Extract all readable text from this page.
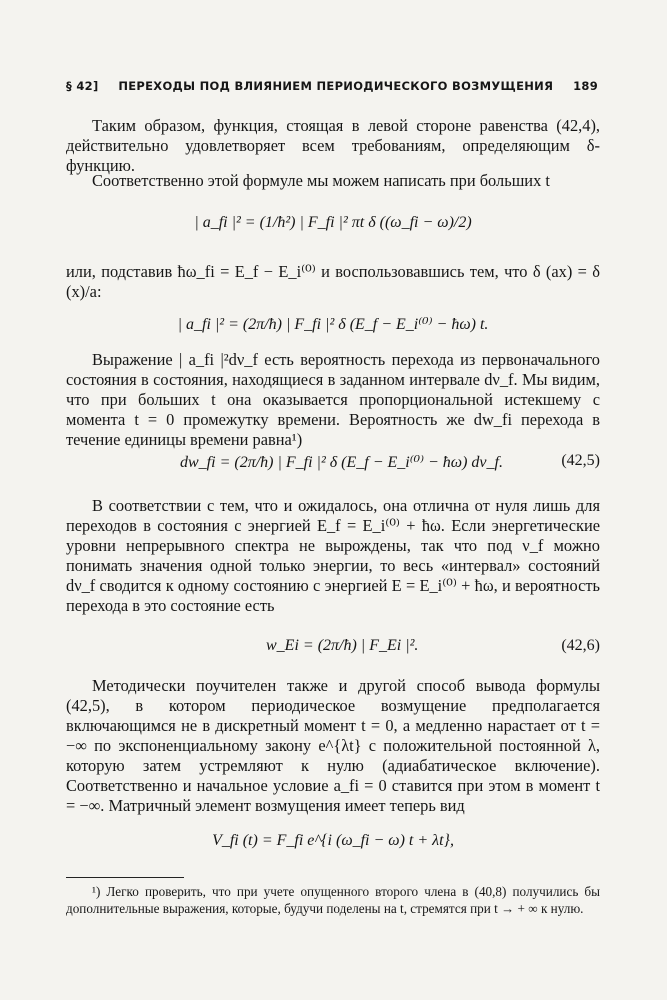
§ 42] ПЕРЕХОДЫ ПОД ВЛИЯНИЕМ ПЕРИОДИЧЕСКОГО ВОЗМУЩЕНИЯ 189
Таким образом, функция, стоящая в левой стороне равенства (42,4), действительно удовлетворяет всем требованиям, определяющим δ-функцию.
Соответственно этой формуле мы можем написать при больших t
| a_fi |² = (1/ħ²) | F_fi |² πt δ ((ω_fi − ω)/2)
или, подставив ħω_fi = E_f − E_i⁽⁰⁾ и воспользовавшись тем, что δ (ax) = δ (x)/a:
| a_fi |² = (2π/ħ) | F_fi |² δ (E_f − E_i⁽⁰⁾ − ħω) t.
Выражение | a_fi |²dν_f есть вероятность перехода из первоначального состояния в состояния, находящиеся в заданном интервале dν_f. Мы видим, что при больших t она оказывается пропорциональной истекшему с момента t = 0 промежутку времени. Вероятность же dw_fi перехода в течение единицы времени равна¹)
dw_fi = (2π/ħ) | F_fi |² δ (E_f − E_i⁽⁰⁾ − ħω) dν_f.	(42,5)
В соответствии с тем, что и ожидалось, она отлична от нуля лишь для переходов в состояния с энергией E_f = E_i⁽⁰⁾ + ħω. Если энергетические уровни непрерывного спектра не вырождены, так что под ν_f можно понимать значения одной только энергии, то весь «интервал» состояний dν_f сводится к одному состоянию с энергией E = E_i⁽⁰⁾ + ħω, и вероятность перехода в это состояние есть
w_Ei = (2π/ħ) | F_Ei |².	(42,6)
Методически поучителен также и другой способ вывода формулы (42,5), в котором периодическое возмущение предполагается включающимся не в дискретный момент t = 0, а медленно нарастает от t = −∞ по экспоненциальному закону e^{λt} с положительной постоянной λ, которую затем устремляют к нулю (адиабатическое включение). Соответственно и начальное условие a_fi = 0 ставится при этом в момент t = −∞. Матричный элемент возмущения имеет теперь вид
V_fi (t) = F_fi e^{i (ω_fi − ω) t + λt},
¹) Легко проверить, что при учете опущенного второго члена в (40,8) получились бы дополнительные выражения, которые, будучи поделены на t, стремятся при t → + ∞ к нулю.
